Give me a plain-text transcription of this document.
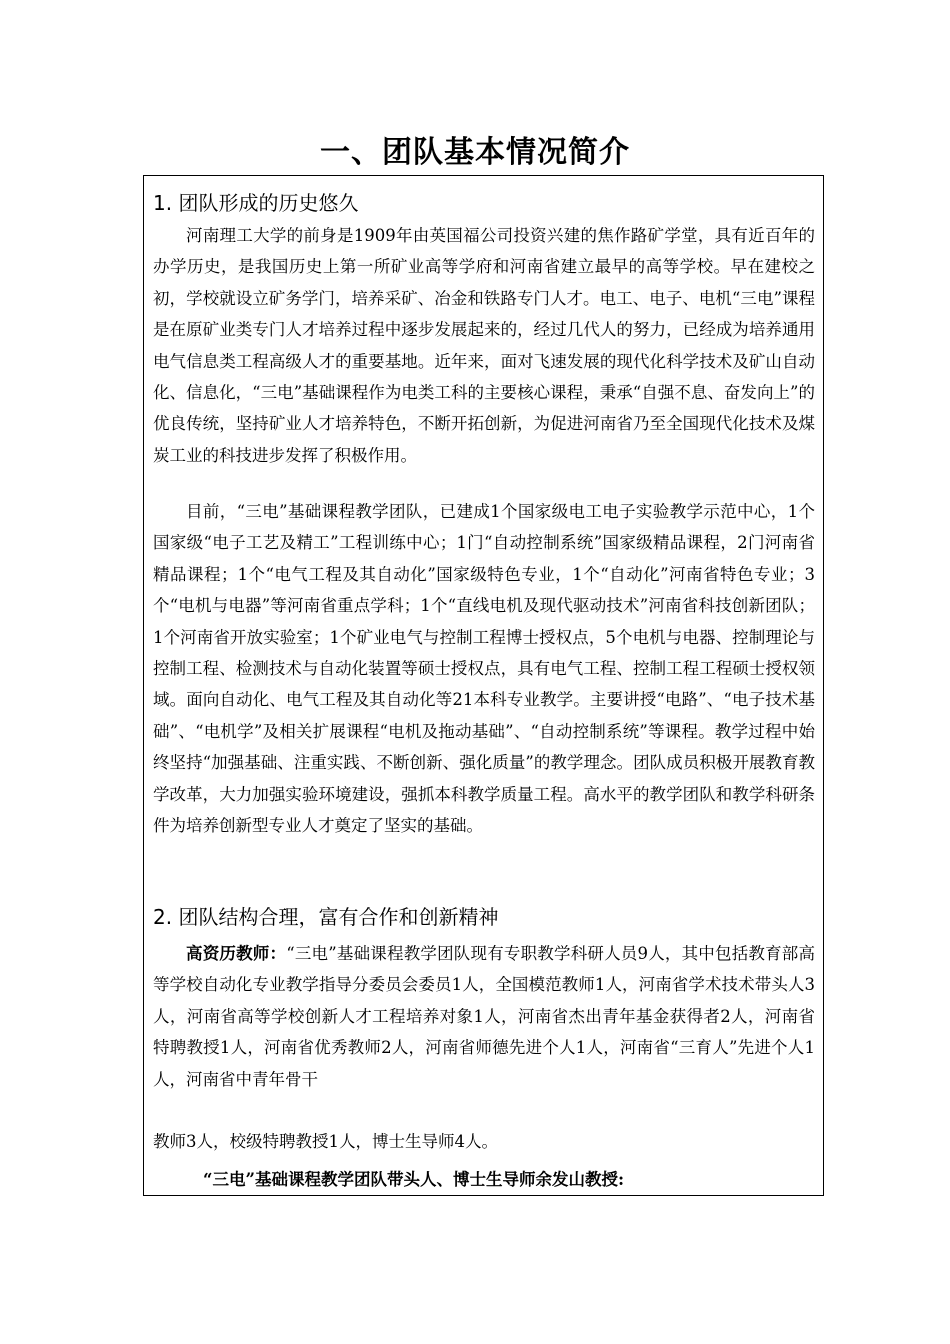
一、团队基本情况简介
1. 团队形成的历史悠久
河南理工大学的前身是1909年由英国福公司投资兴建的焦作路矿学堂，具有近百年的办学历史，是我国历史上第一所矿业高等学府和河南省建立最早的高等学校。早在建校之初，学校就设立矿务学门，培养采矿、冶金和铁路专门人才。电工、电子、电机“三电”课程是在原矿业类专门人才培养过程中逐步发展起来的，经过几代人的努力，已经成为培养通用电气信息类工程高级人才的重要基地。近年来，面对飞速发展的现代化科学技术及矿山自动化、信息化，“三电”基础课程作为电类工科的主要核心课程，秉承“自强不息、奋发向上”的优良传统，坚持矿业人才培养特色，不断开拓创新，为促进河南省乃至全国现代化技术及煤炭工业的科技进步发挥了积极作用。
目前，“三电”基础课程教学团队，已建成1个国家级电工电子实验教学示范中心，1个国家级“电子工艺及精工”工程训练中心；1门“自动控制系统”国家级精品课程，2门河南省精品课程；1个“电气工程及其自动化”国家级特色专业，1个“自动化”河南省特色专业；3个“电机与电器”等河南省重点学科；1个“直线电机及现代驱动技术”河南省科技创新团队；1个河南省开放实验室；1个矿业电气与控制工程博士授权点，5个电机与电器、控制理论与控制工程、检测技术与自动化装置等硕士授权点，具有电气工程、控制工程工程硕士授权领域。面向自动化、电气工程及其自动化等21本科专业教学。主要讲授“电路”、“电子技术基础”、“电机学”及相关扩展课程“电机及拖动基础”、“自动控制系统”等课程。教学过程中始终坚持“加强基础、注重实践、不断创新、强化质量”的教学理念。团队成员积极开展教育教学改革，大力加强实验环境建设，强抓本科教学质量工程。高水平的教学团队和教学科研条件为培养创新型专业人才奠定了坚实的基础。
2. 团队结构合理，富有合作和创新精神
高资历教师：“三电”基础课程教学团队现有专职教学科研人员9人，其中包括教育部高等学校自动化专业教学指导分委员会委员1人，全国模范教师1人，河南省学术技术带头人3人，河南省高等学校创新人才工程培养对象1人，河南省杰出青年基金获得者2人，河南省特聘教授1人，河南省优秀教师2人，河南省师德先进个人1人，河南省“三育人”先进个人1人，河南省中青年骨干
教师3人，校级特聘教授1人，博士生导师4人。
“三电”基础课程教学团队带头人、博士生导师余发山教授:
